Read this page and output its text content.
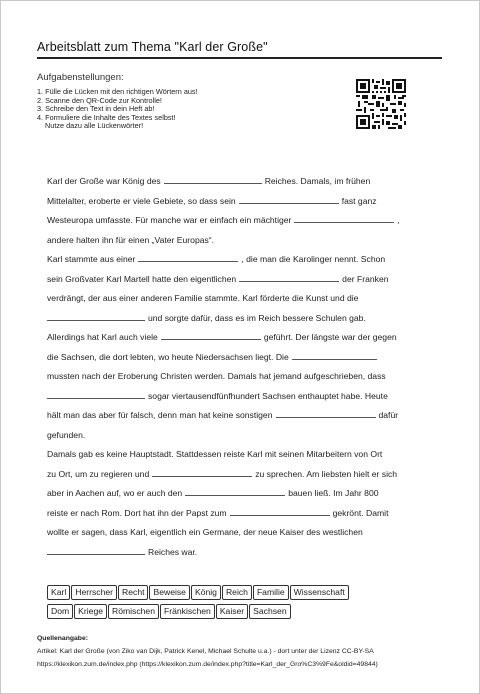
Arbeitsblatt zum Thema "Karl der Große"
Aufgabenstellungen:
1. Fülle die Lücken mit den richtigen Wörtern aus!
2. Scanne den QR-Code zur Kontrolle!
3. Schreibe den Text in dein Heft ab!
4. Formuliere die Inhalte des Textes selbst!
Nutze dazu alle Lückenwörter!

Karl der Große war König des	Reiches. Damals, im frühen

Mittelalter, eroberte er viele Gebiete, so dass sein	fast ganz

Westeuropa umfasste. Für manche war er einfach ein mächtiger	,

andere halten ihn für einen „Vater Europas“.

Karl stammte aus einer	, die man die Karolinger nennt. Schon

sein Großvater Karl Martell hatte den eigentlichen	der Franken

verdrängt, der aus einer anderen Familie stammte. Karl förderte die Kunst und die

und sorgte dafür, dass es im Reich bessere Schulen gab.

Allerdings hat Karl auch viele	geführt. Der längste war der gegen

die Sachsen, die dort lebten, wo heute Niedersachsen liegt. Die

mussten nach der Eroberung Christen werden. Damals hat jemand aufgeschrieben, dass

sogar viertausendfünfhundert Sachsen enthauptet habe. Heute

hält man das aber für falsch, denn man hat keine sonstigen	dafür

gefunden.

Damals gab es keine Hauptstadt. Stattdessen reiste Karl mit seinen Mitarbeitern von Ort

zu Ort, um zu regieren und	zu sprechen. Am liebsten hielt er sich

aber in Aachen auf, wo er auch den	bauen ließ. Im Jahr 800

reiste er nach Rom. Dort hat ihn der Papst zum	gekrönt. Damit

wollte er sagen, dass Karl, eigentlich ein Germane, der neue Kaiser des westlichen

Reiches war.

Karl Herrscher Recht Beweise König Reich Familie Wissenschaft
Dom Kriege Römischen Fränkischen Kaiser Sachsen
Quellenangabe:
Artikel: Karl der Große (von Ziko van Dijk, Patrick Kenel, Michael Schulte u.a.) - dort unter der Lizenz CC-BY-SA
https://klexikon.zum.de/index.php (https://klexikon.zum.de/index.php?title=Karl_der_Gro%C3%9Fe&oldid=49844)
